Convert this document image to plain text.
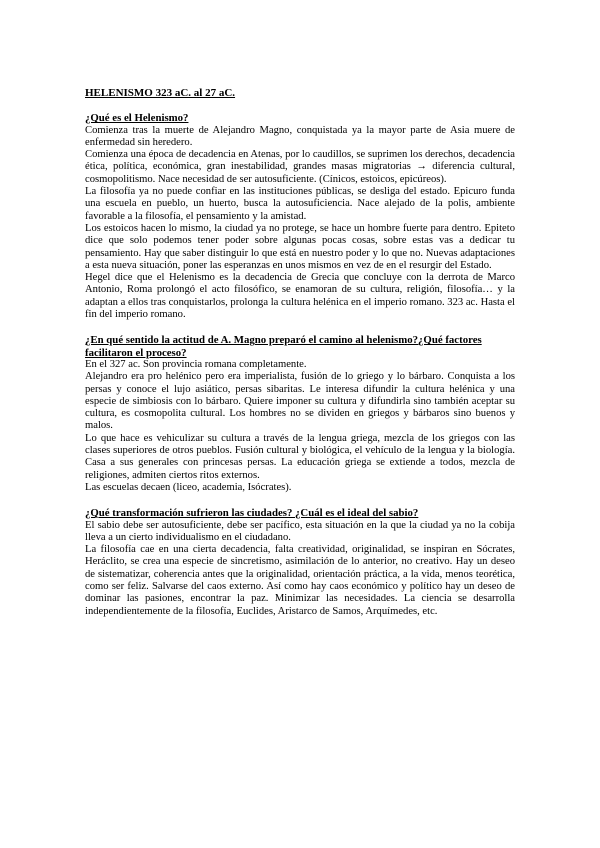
HELENISMO 323 aC. al 27 aC.

¿Qué es el Helenismo?

Comienza tras la muerte de Alejandro Magno, conquistada ya la mayor parte de Asia muere de enfermedad sin heredero.

Comienza una época de decadencia en Atenas, por lo caudillos, se suprimen los derechos, decadencia ética, política, económica, gran inestabilidad, grandes masas migratorias → diferencia cultural, cosmopolitismo. Nace necesidad de ser autosuficiente. (Cínicos, estoicos, epicúreos).

La filosofía ya no puede confiar en las instituciones públicas, se desliga del estado. Epicuro funda una escuela en pueblo, un huerto, busca la autosuficiencia. Nace alejado de la polis, ambiente favorable a la filosofía, el pensamiento y la amistad.

Los estoicos hacen lo mismo, la ciudad ya no protege, se hace un hombre fuerte para dentro. Epiteto dice que solo podemos tener poder sobre algunas pocas cosas, sobre estas vas a dedicar tu pensamiento. Hay que saber distinguir lo que está en nuestro poder y lo que no. Nuevas adaptaciones a esta nueva situación, poner las esperanzas en unos mismos en vez de en el resurgir del Estado.

Hegel dice que el Helenismo es la decadencia de Grecia que concluye con la derrota de Marco Antonio, Roma prolongó el acto filosófico, se enamoran de su cultura, religión, filosofía… y la adaptan a ellos tras conquistarlos, prolonga la cultura helénica en el imperio romano. 323 ac. Hasta el fin del imperio romano.

¿En qué sentido la actitud de A. Magno preparó el camino al helenismo?¿Qué factores facilitaron el proceso?

En el 327 ac. Son provincia romana completamente.

Alejandro era pro helénico pero era imperialista, fusión de lo griego y lo bárbaro. Conquista a los persas y conoce el lujo asiático, persas sibaritas. Le interesa difundir la cultura helénica y una especie de simbiosis con lo bárbaro. Quiere imponer su cultura y difundirla sino también aceptar su cultura, es cosmopolita cultural. Los hombres no se dividen en griegos y bárbaros sino buenos y malos.

Lo que hace es vehiculizar su cultura a través de la lengua griega, mezcla de los griegos con las clases superiores de otros pueblos. Fusión cultural y biológica, el vehículo de la lengua y la biología. Casa a sus generales con princesas persas. La educación griega se extiende a todos, mezcla de religiones, admiten ciertos ritos externos.

Las escuelas decaen (liceo, academia, Isócrates).

¿Qué transformación sufrieron las ciudades? ¿Cuál es el ideal del sabio?

El sabio debe ser autosuficiente, debe ser pacífico, esta situación en la que la ciudad ya no la cobija lleva a un cierto individualismo en el ciudadano.

La filosofía cae en una cierta decadencia, falta creatividad, originalidad, se inspiran en Sócrates, Heráclito, se crea una especie de sincretismo, asimilación de lo anterior, no creativo. Hay un deseo de sistematizar, coherencia antes que la originalidad, orientación práctica, a la vida, menos teorética, como ser feliz. Salvarse del caos externo. Así como hay caos económico y político hay un deseo de dominar las pasiones, encontrar la paz. Minimizar las necesidades. La ciencia se desarrolla independientemente de la filosofía, Euclides, Aristarco de Samos, Arquímedes, etc.
